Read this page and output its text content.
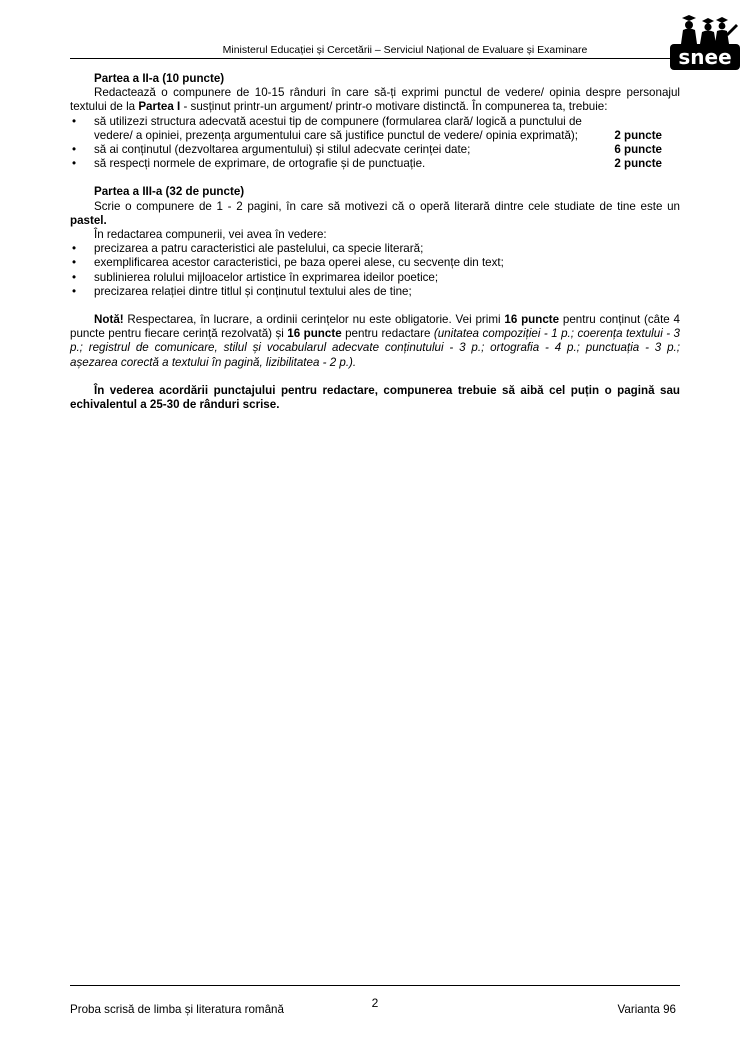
Ministerul Educației și Cercetării – Serviciul Național de Evaluare și Examinare	snee

Partea a II-a (10 puncte)

Redactează o compunere de 10-15 rânduri în care să-ți exprimi punctul de vedere/ opinia despre personajul textului de la Partea I - susținut printr-un argument/ printr-o motivare distinctă. În compunerea ta, trebuie:

• să utilizezi structura adecvată acestui tip de compunere (formularea clară/ logică a punctului de vedere/ a opiniei, prezența argumentului care să justifice punctul de vedere/ opinia exprimată);	2 puncte
• să ai conținutul (dezvoltarea argumentului) și stilul adecvate cerinței date;	6 puncte
• să respecți normele de exprimare, de ortografie și de punctuație.	2 puncte

Partea a III-a (32 de puncte)

Scrie o compunere de 1 - 2 pagini, în care să motivezi că o operă literară dintre cele studiate de tine este un pastel.

În redactarea compunerii, vei avea în vedere:

• precizarea a patru caracteristici ale pastelului, ca specie literară;
• exemplificarea acestor caracteristici, pe baza operei alese, cu secvențe din text;
• sublinierea rolului mijloacelor artistice în exprimarea ideilor poetice;
• precizarea relației dintre titlul și conținutul textului ales de tine;

Notă! Respectarea, în lucrare, a ordinii cerințelor nu este obligatorie. Vei primi 16 puncte pentru conținut (câte 4 puncte pentru fiecare cerință rezolvată) și 16 puncte pentru redactare (unitatea compoziției - 1 p.; coerența textului - 3 p.; registrul de comunicare, stilul și vocabularul adecvate conținutului - 3 p.; ortografia - 4 p.; punctuația - 3 p.; așezarea corectă a textului în pagină, lizibilitatea - 2 p.).

În vederea acordării punctajului pentru redactare, compunerea trebuie să aibă cel puțin o pagină sau echivalentul a 25-30 de rânduri scrise.

Proba scrisă de limba și literatura română	2	Varianta 96
